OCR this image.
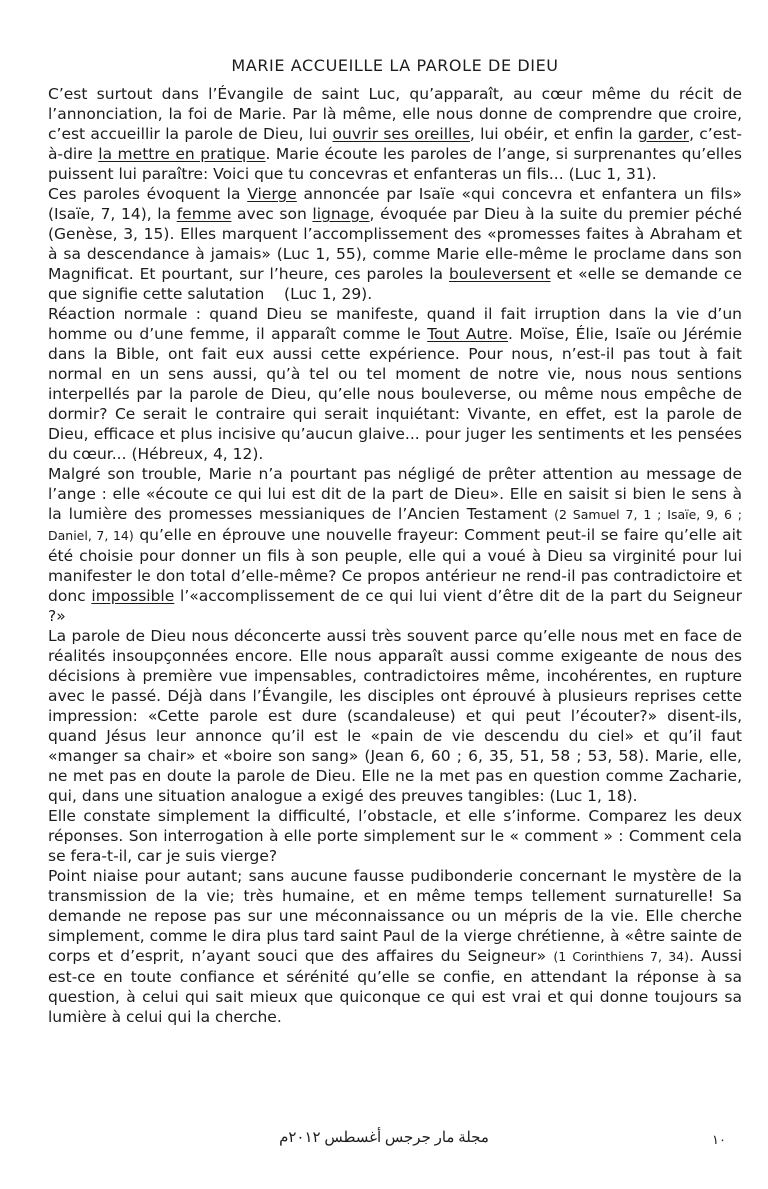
MARIE ACCUEILLE LA PAROLE DE DIEU

C’est surtout dans l’Évangile de saint Luc, qu’apparaît, au cœur même du récit de l’annonciation, la foi de Marie. Par là même, elle nous donne de comprendre que croire, c’est accueillir la parole de Dieu, lui ouvrir ses oreilles, lui obéir, et enfin la garder, c’est-à-dire la mettre en pratique. Marie écoute les paroles de l’ange, si surprenantes qu’elles puissent lui paraître: Voici que tu concevras et enfanteras un fils... (Luc 1, 31).

Ces paroles évoquent la Vierge annoncée par Isaïe «qui concevra et enfantera un fils» (Isaïe, 7, 14), la femme avec son lignage, évoquée par Dieu à la suite du premier péché (Genèse, 3, 15). Elles marquent l’accomplissement des «promesses faites à Abraham et à sa descendance à jamais» (Luc 1, 55), comme Marie elle-même le proclame dans son Magnificat. Et pourtant, sur l’heure, ces paroles la bouleversent et «elle se demande ce que signifie cette salutation    (Luc 1, 29).

Réaction normale : quand Dieu se manifeste, quand il fait irruption dans la vie d’un homme ou d’une femme, il apparaît comme le Tout Autre. Moïse, Élie, Isaïe ou Jérémie dans la Bible, ont fait eux aussi cette expérience. Pour nous, n’est-il pas tout à fait normal en un sens aussi, qu’à tel ou tel moment de notre vie, nous nous sentions interpellés par la parole de Dieu, qu’elle nous bouleverse, ou même nous empêche de dormir? Ce serait le contraire qui serait inquiétant: Vivante, en effet, est la parole de Dieu, efficace et plus incisive qu’aucun glaive... pour juger les sentiments et les pensées du cœur... (Hébreux, 4, 12).

Malgré son trouble, Marie n’a pourtant pas négligé de prêter attention au message de l’ange : elle «écoute ce qui lui est dit de la part de Dieu». Elle en saisit si bien le sens à la lumière des promesses messianiques de l’Ancien Testament (2 Samuel 7, 1 ; Isaïe, 9, 6 ; Daniel, 7, 14) qu’elle en éprouve une nouvelle frayeur: Comment peut-il se faire qu’elle ait été choisie pour donner un fils à son peuple, elle qui a voué à Dieu sa virginité pour lui manifester le don total d’elle-même? Ce propos antérieur ne rend-il pas contradictoire et donc impossible l’«accomplissement de ce qui lui vient d’être dit de la part du Seigneur ?»

La parole de Dieu nous déconcerte aussi très souvent parce qu’elle nous met en face de réalités insoupçonnées encore. Elle nous apparaît aussi comme exigeante de nous des décisions à première vue impensables, contradictoires même, incohérentes, en rupture avec le passé. Déjà dans l’Évangile, les disciples ont éprouvé à plusieurs reprises cette impression: «Cette parole est dure (scandaleuse) et qui peut l’écouter?» disent-ils, quand Jésus leur annonce qu’il est le «pain de vie descendu du ciel» et qu’il faut «manger sa chair» et «boire son sang» (Jean 6, 60 ; 6, 35, 51, 58 ; 53, 58). Marie, elle, ne met pas en doute la parole de Dieu. Elle ne la met pas en question comme Zacharie, qui, dans une situation analogue a exigé des preuves tangibles: (Luc 1, 18).

Elle constate simplement la difficulté, l’obstacle, et elle s’informe. Comparez les deux réponses. Son interrogation à elle porte simplement sur le « comment » : Comment cela se fera-t-il, car je suis vierge?

Point niaise pour autant; sans aucune fausse pudibonderie concernant le mystère de la transmission de la vie; très humaine, et en même temps tellement surnaturelle! Sa demande ne repose pas sur une méconnaissance ou un mépris de la vie. Elle cherche simplement, comme le dira plus tard saint Paul de la vierge chrétienne, à «être sainte de corps et d’esprit, n’ayant souci que des affaires du Seigneur» (1 Corinthiens 7, 34). Aussi est-ce en toute confiance et sérénité qu’elle se confie, en attendant la réponse à sa question, à celui qui sait mieux que quiconque ce qui est vrai et qui donne toujours sa lumière à celui qui la cherche.

مجلة مار جرجس أغسطس ٢٠١٢م	١٠
